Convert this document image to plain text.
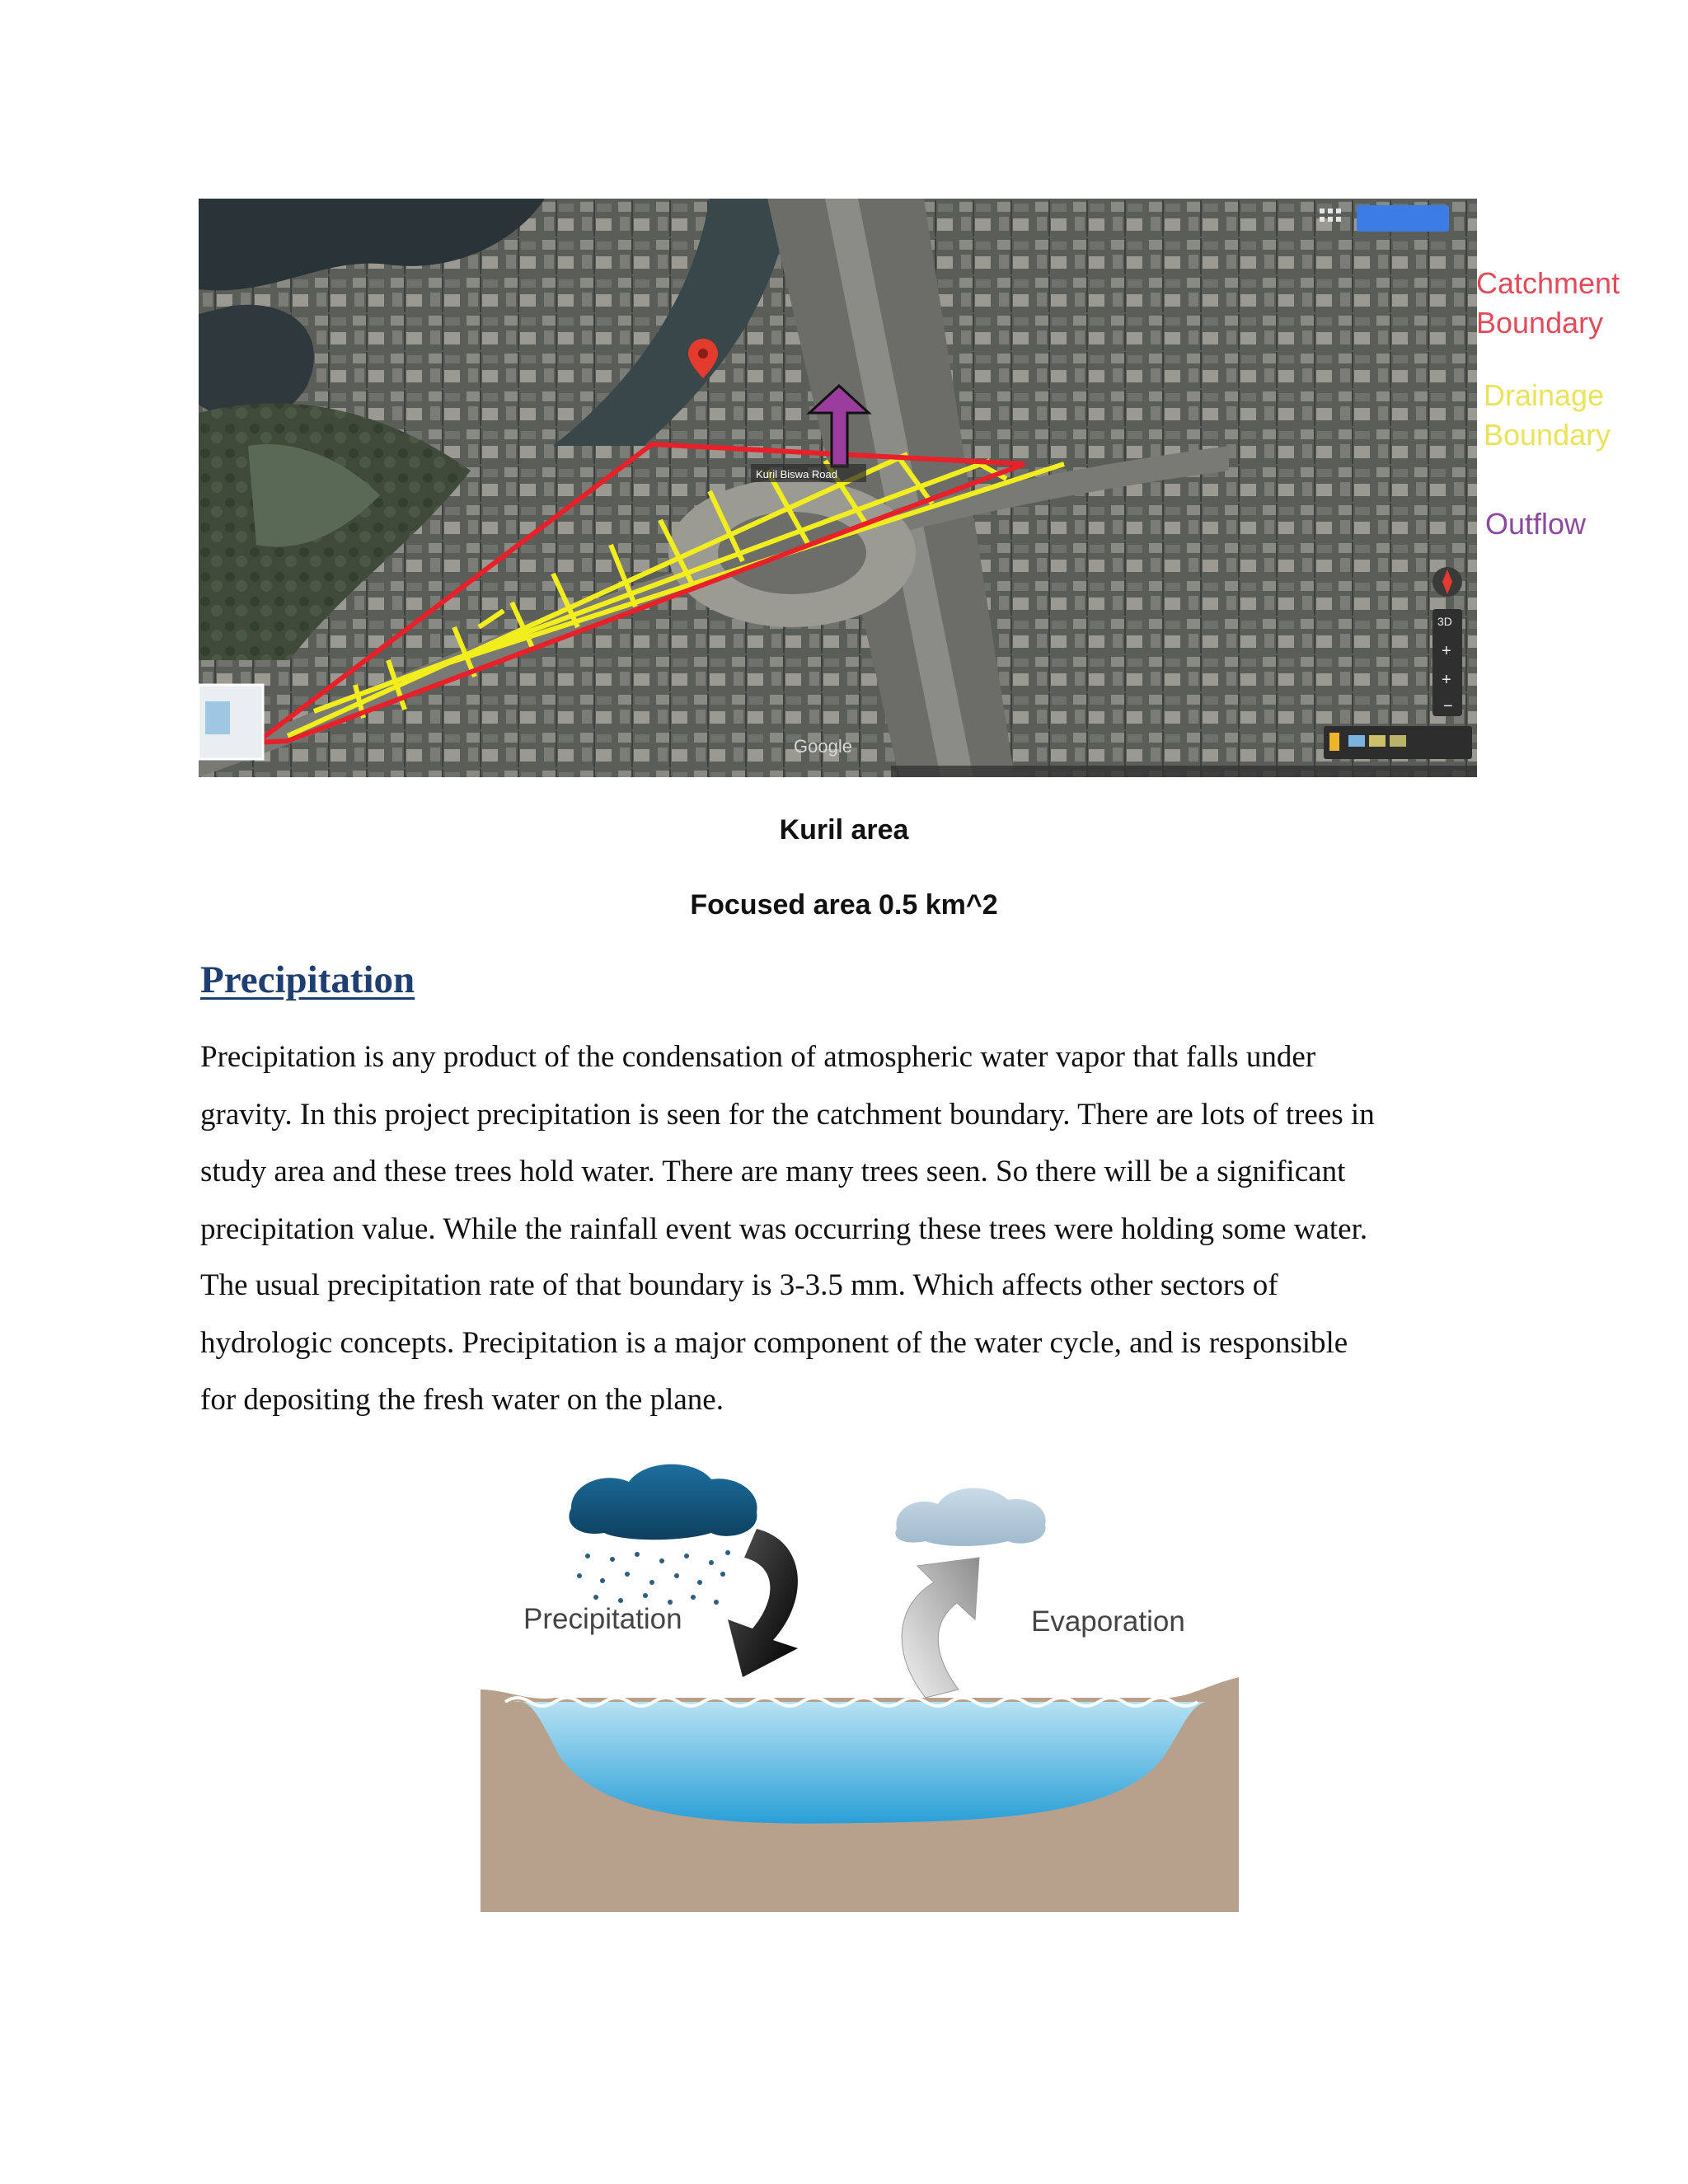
Kuril Biswa Road
3D
+
+
−
Google
Catchment Boundary
Drainage Boundary
Outflow
Kuril area
Focused area 0.5 km^2
Precipitation
Precipitation is any product of the condensation of atmospheric water vapor that falls under
gravity. In this project precipitation is seen for the catchment boundary. There are lots of trees in
study area and these trees hold water. There are many trees seen. So there will be a significant
precipitation value. While the rainfall event was occurring these trees were holding some water.
The usual precipitation rate of that boundary is 3-3.5 mm. Which affects other sectors of
hydrologic concepts. Precipitation is a major component of the water cycle, and is responsible
for depositing the fresh water on the plane.
Precipitation	Evaporation
